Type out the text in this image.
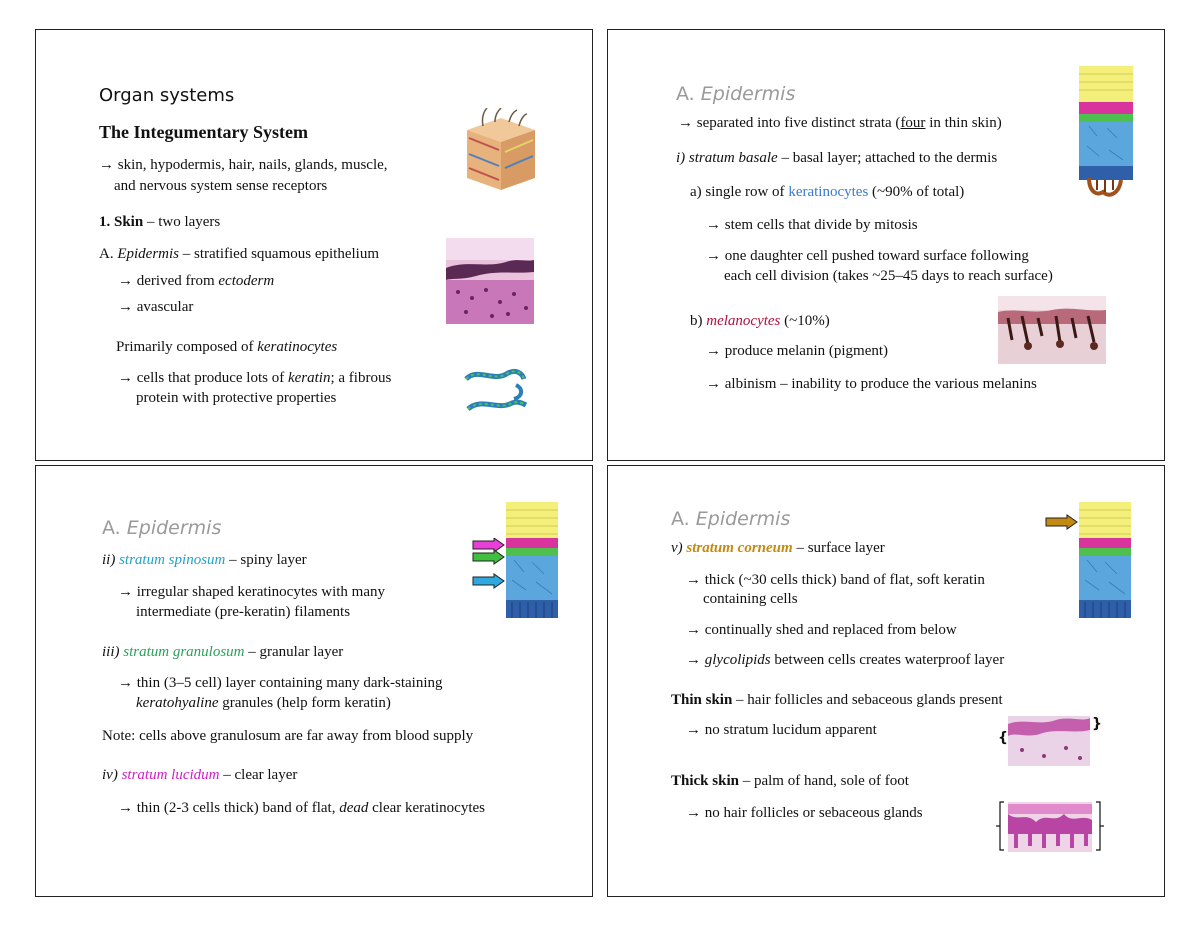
Organ systems
The Integumentary System
→ skin, hypodermis, hair, nails, glands, muscle,
and nervous system sense receptors
1. Skin – two layers
A. Epidermis – stratified squamous epithelium
→ derived from ectoderm
→ avascular
Primarily composed of keratinocytes
→ cells that produce lots of keratin; a fibrous
protein with protective properties
A. Epidermis
→ separated into five distinct strata (four in thin skin)
i) stratum basale – basal layer; attached to the dermis
a) single row of keratinocytes (~90% of total)
→ stem cells that divide by mitosis
→ one daughter cell pushed toward surface following
each cell division (takes ~25–45 days to reach surface)
b) melanocytes (~10%)
→ produce melanin (pigment)
→ albinism – inability to produce the various melanins
A. Epidermis
ii) stratum spinosum – spiny layer
→ irregular shaped keratinocytes with many
intermediate (pre-keratin) filaments
iii) stratum granulosum – granular layer
→ thin (3–5 cell) layer containing many dark-staining
keratohyaline granules (help form keratin)
Note: cells above granulosum are far away from blood supply
iv) stratum lucidum – clear layer
→ thin (2-3 cells thick) band of flat, dead clear keratinocytes
A. Epidermis
v) stratum corneum – surface layer
→ thick (~30 cells thick) band of flat, soft keratin
containing cells
→ continually shed and replaced from below
→ glycolipids between cells creates waterproof layer
Thin skin – hair follicles and sebaceous glands present
→ no stratum lucidum apparent
Thick skin – palm of hand, sole of foot
→ no hair follicles or sebaceous glands
{
}
